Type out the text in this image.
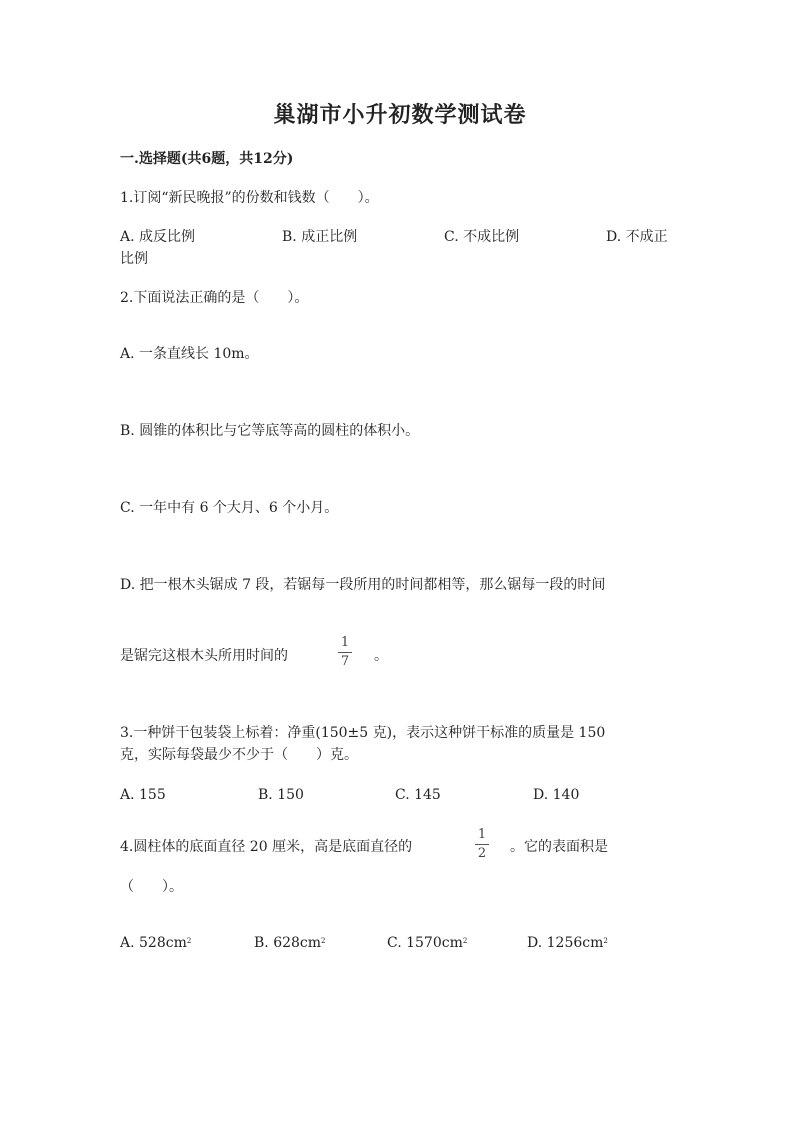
巢湖市小升初数学测试卷
一.选择题(共6题，共12分)
1.订阅“新民晚报”的份数和钱数（　　）。
A. 成反比例	B. 成正比例	C. 不成比例	D. 不成正
比例
2.下面说法正确的是（　　）。
A. 一条直线长 10m。
B. 圆锥的体积比与它等底等高的圆柱的体积小。
C. 一年中有 6 个大月、6 个小月。
D. 把一根木头锯成 7 段，若锯每一段所用的时间都相等，那么锯每一段的时间
是锯完这根木头所用时间的
1
7 。
3.一种饼干包装袋上标着：净重(150±5 克)，表示这种饼干标准的质量是 150
克，实际每袋最少不少于（　　）克。
A. 155	B. 150	C. 145	D. 140
4.圆柱体的底面直径 20 厘米，高是底面直径的
1
2 。它的表面积是
（　　）。
A. $528cm^2$	B. $628cm^2$	C. $1570cm^2$	D. $1256cm^2$
